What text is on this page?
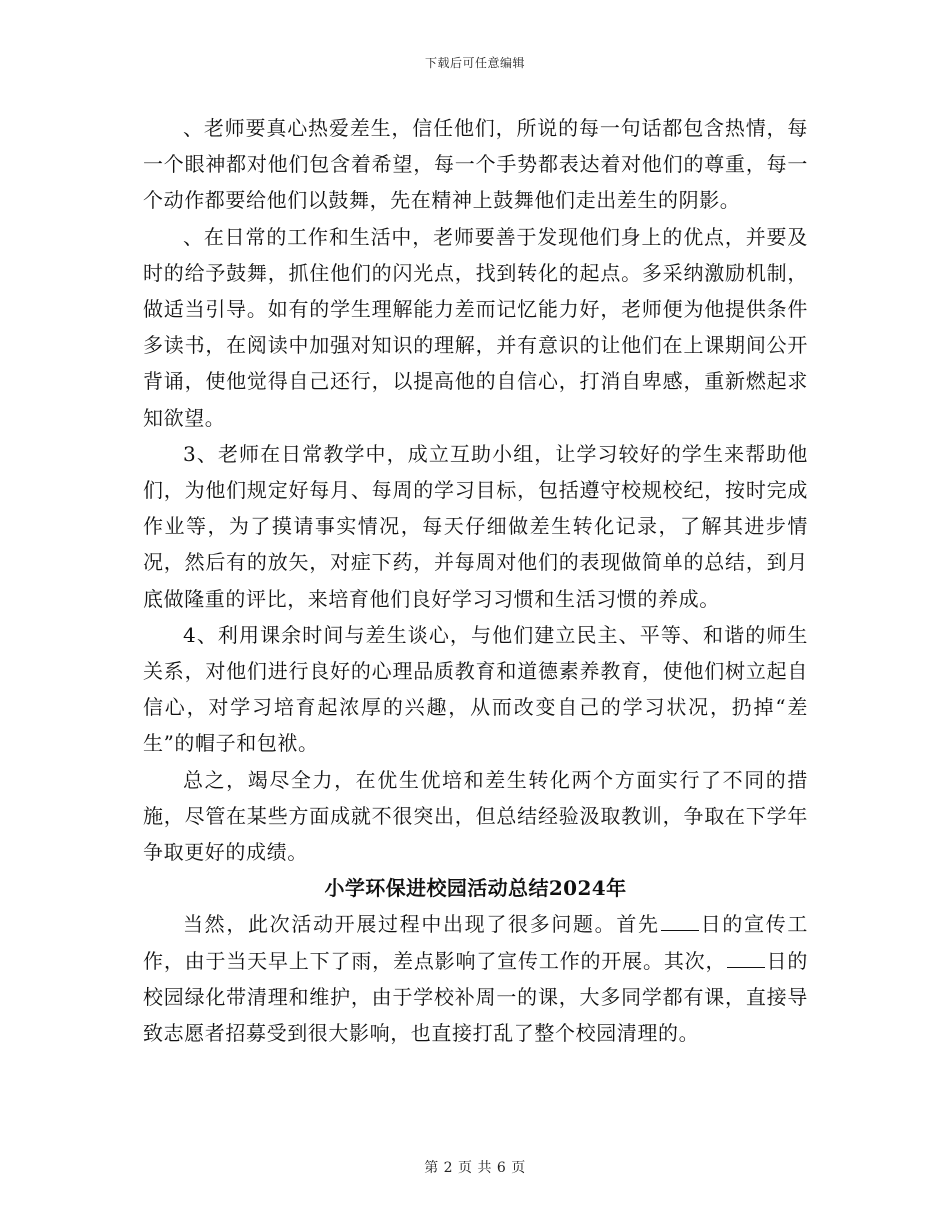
下载后可任意编辑

、老师要真心热爱差生，信任他们，所说的每一句话都包含热情，每一个眼神都对他们包含着希望，每一个手势都表达着对他们的尊重，每一个动作都要给他们以鼓舞，先在精神上鼓舞他们走出差生的阴影。

、在日常的工作和生活中，老师要善于发现他们身上的优点，并要及时的给予鼓舞，抓住他们的闪光点，找到转化的起点。多采纳激励机制，做适当引导。如有的学生理解能力差而记忆能力好，老师便为他提供条件多读书，在阅读中加强对知识的理解，并有意识的让他们在上课期间公开背诵，使他觉得自己还行，以提高他的自信心，打消自卑感，重新燃起求知欲望。

3、老师在日常教学中，成立互助小组，让学习较好的学生来帮助他们，为他们规定好每月、每周的学习目标，包括遵守校规校纪，按时完成作业等，为了摸请事实情况，每天仔细做差生转化记录，了解其进步情况，然后有的放矢，对症下药，并每周对他们的表现做简单的总结，到月底做隆重的评比，来培育他们良好学习习惯和生活习惯的养成。

4、利用课余时间与差生谈心，与他们建立民主、平等、和谐的师生关系，对他们进行良好的心理品质教育和道德素养教育，使他们树立起自信心，对学习培育起浓厚的兴趣，从而改变自己的学习状况，扔掉“差生”的帽子和包袱。

总之，竭尽全力，在优生优培和差生转化两个方面实行了不同的措施，尽管在某些方面成就不很突出，但总结经验汲取教训，争取在下学年争取更好的成绩。

小学环保进校园活动总结2024年

当然，此次活动开展过程中出现了很多问题。首先 日的宣传工作，由于当天早上下了雨，差点影响了宣传工作的开展。其次， 日的校园绿化带清理和维护，由于学校补周一的课，大多同学都有课，直接导致志愿者招募受到很大影响，也直接打乱了整个校园清理的。

第 2 页 共 6 页
